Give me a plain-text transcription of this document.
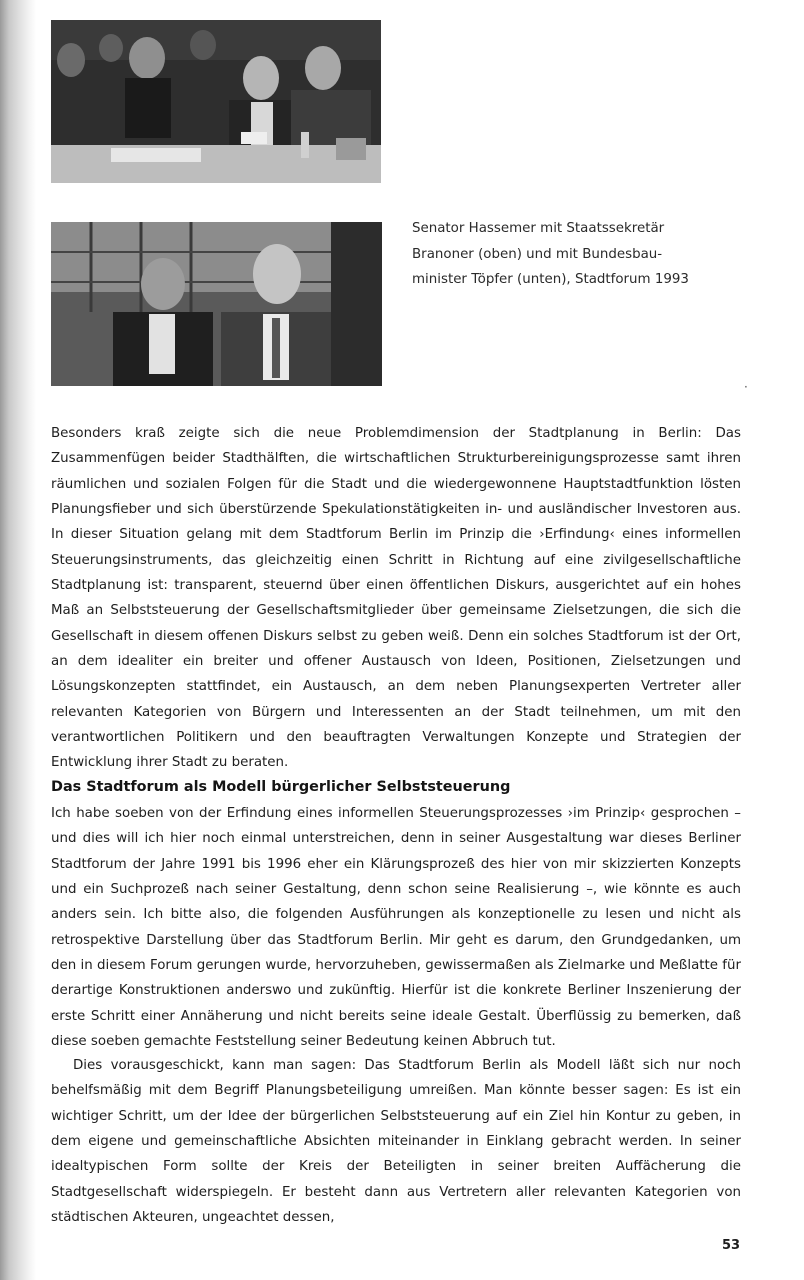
Senator Hassemer mit Staatssekretär
Branoner (oben) und mit Bundesbau-
minister Töpfer (unten), Stadtforum 1993
·

Besonders kraß zeigte sich die neue Problemdimension der Stadtplanung in Berlin: Das Zusammenfügen beider Stadthälften, die wirtschaftlichen Strukturbereinigungsprozesse samt ihren räumlichen und sozialen Folgen für die Stadt und die wiedergewonnene Hauptstadtfunktion lösten Planungsfieber und sich überstürzende Spekulationstätigkeiten in- und ausländischer Investoren aus. In dieser Situation gelang mit dem Stadtforum Berlin im Prinzip die ›Erfindung‹ eines informellen Steuerungsinstruments, das gleichzeitig einen Schritt in Richtung auf eine zivilgesellschaftliche Stadtplanung ist: transparent, steuernd über einen öffentlichen Diskurs, ausgerichtet auf ein hohes Maß an Selbststeuerung der Gesellschaftsmitglieder über gemeinsame Zielsetzungen, die sich die Gesellschaft in diesem offenen Diskurs selbst zu geben weiß. Denn ein solches Stadtforum ist der Ort, an dem idealiter ein breiter und offener Austausch von Ideen, Positionen, Zielsetzungen und Lösungskonzepten stattfindet, ein Austausch, an dem neben Planungsexperten Vertreter aller relevanten Kategorien von Bürgern und Interessenten an der Stadt teilnehmen, um mit den verantwortlichen Politikern und den beauftragten Verwaltungen Konzepte und Strategien der Entwicklung ihrer Stadt zu beraten.

Das Stadtforum als Modell bürgerlicher Selbststeuerung

Ich habe soeben von der Erfindung eines informellen Steuerungsprozesses ›im Prinzip‹ gesprochen – und dies will ich hier noch einmal unterstreichen, denn in seiner Ausgestaltung war dieses Berliner Stadtforum der Jahre 1991 bis 1996 eher ein Klärungsprozeß des hier von mir skizzierten Konzepts und ein Suchprozeß nach seiner Gestaltung, denn schon seine Realisierung –, wie könnte es auch anders sein. Ich bitte also, die folgenden Ausführungen als konzeptionelle zu lesen und nicht als retrospektive Darstellung über das Stadtforum Berlin. Mir geht es darum, den Grundgedanken, um den in diesem Forum gerungen wurde, hervorzuheben, gewissermaßen als Zielmarke und Meßlatte für derartige Konstruktionen anderswo und zukünftig. Hierfür ist die konkrete Berliner Inszenierung der erste Schritt einer Annäherung und nicht bereits seine ideale Gestalt. Überflüssig zu bemerken, daß diese soeben gemachte Feststellung seiner Bedeutung keinen Abbruch tut.

Dies vorausgeschickt, kann man sagen: Das Stadtforum Berlin als Modell läßt sich nur noch behelfsmäßig mit dem Begriff Planungsbeteiligung umreißen. Man könnte besser sagen: Es ist ein wichtiger Schritt, um der Idee der bürgerlichen Selbststeuerung auf ein Ziel hin Kontur zu geben, in dem eigene und gemeinschaftliche Absichten miteinander in Einklang gebracht werden. In seiner idealtypischen Form sollte der Kreis der Beteiligten in seiner breiten Auffächerung die Stadtgesellschaft widerspiegeln. Er besteht dann aus Vertretern aller relevanten Kategorien von städtischen Akteuren, ungeachtet dessen,

53
